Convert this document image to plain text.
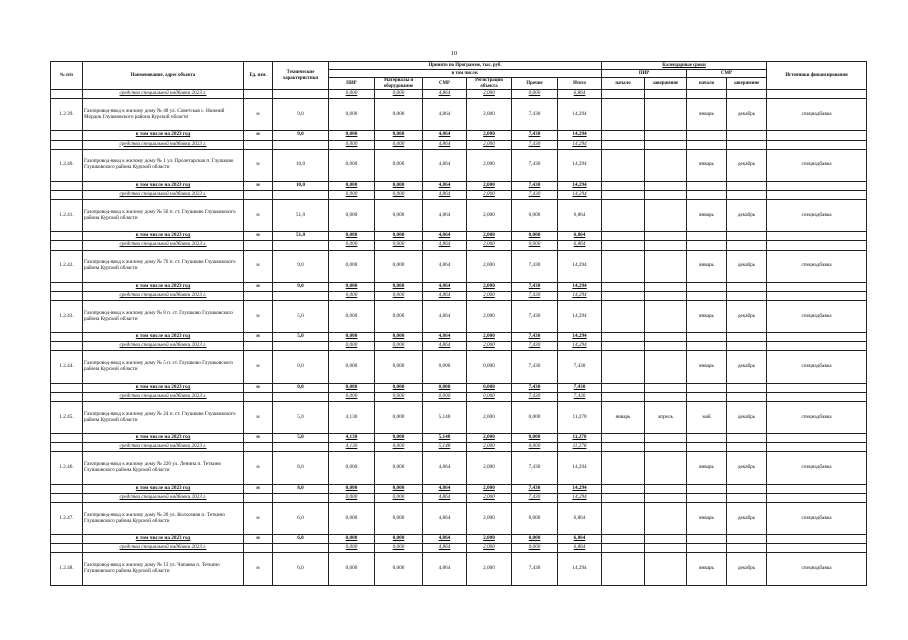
10
№ п/п	Наименование, адрес объекта	Ед. изм.	Технические характеристики	Принято по Программе, тыс. руб.						Календарные сроки				Источники финансирования
				в том числе:						ПИР		СМР		
				ПИР	Материалы и оборудование	СМР	Регистрация объекта	Прочие	Итого	начало	завершение	начало	завершение	
	средства специальной надбавки 2023 г.			0,000	0,000	4,864	2,000	0,000	6,864					
1.2.39.	Газопровод-ввод к жилому дому № 48 ул. Советская с. Нижний Мордок Глушковского района Курской области	м	9,0	0,000	0,000	4,864	2,000	7,430	14,294			январь	декабрь	спецнадбавка
	в том числе на 2023 год	м	9,0	0,000	0,000	4,864	2,000	7,430	14,294					
	средства специальной надбавки 2023 г.			0,000	0,000	4,864	2,000	7,430	14,294					
1.2.40.	Газопровод-ввод к жилому дому № 1 ул. Пролетарская п. Глушково Глушковского района Курской области	м	10,0	0,000	0,000	4,864	2,000	7,430	14,294			январь	декабрь	спецнадбавка
	в том числе на 2023 год	м	10,0	0,000	0,000	4,864	2,000	7,430	14,294					
	средства специальной надбавки 2023 г.			0,000	0,000	4,864	2,000	7,430	14,294					
1.2.41.	Газопровод-ввод к жилому дому № 56 п. ст. Глушково Глушковского района Курской области	м	51,0	0,000	0,000	4,864	2,000	0,000	6,864			январь	декабрь	спецнадбавка
	в том числе на 2023 год	м	51,0	0,000	0,000	4,864	2,000	0,000	6,864					
	средства специальной надбавки 2023 г.			0,000	0,000	4,864	2,000	0,000	6,864					
1.2.42.	Газопровод-ввод к жилому дому № 76 п. ст. Глушково Глушковского района Курской области	м	9,0	0,000	0,000	4,864	2,000	7,430	14,294			январь	декабрь	спецнадбавка
	в том числе на 2023 год	м	9,0	0,000	0,000	4,864	2,000	7,430	14,294					
	средства специальной надбавки 2023 г.			0,000	0,000	4,864	2,000	7,430	14,294					
1.2.43.	Газопровод-ввод к жилому дому № 8 п. ст. Глушково Глушковского района Курской области	м	5,0	0,000	0,000	4,864	2,000	7,430	14,294			январь	декабрь	спецнадбавка
	в том числе на 2023 год	м	5,0	0,000	0,000	4,864	2,000	7,430	14,294					
	средства специальной надбавки 2023 г.			0,000	0,000	4,864	2,000	7,430	14,294					
1.2.44.	Газопровод-ввод к жилому дому № 5 п. ст. Глушково Глушковского района Курской области	м	0,0	0,000	0,000	0,000	0,000	7,430	7,430			январь	декабрь	спецнадбавка
	в том числе на 2023 год	м	0,0	0,000	0,000	0,000	0,000	7,430	7,430					
	средства специальной надбавки 2023 г.			0,000	0,000	0,000	0,000	7,430	7,430					
1.2.45.	Газопровод-ввод к жилому дому № 24 п. ст. Глушково Глушковского района Курской области	м	5,0	4,130	0,000	5,148	2,000	0,000	11,278	январь	апрель	май	декабрь	спецнадбавка
	в том числе на 2023 год	м	5,0	4,130	0,000	5,148	2,000	0,000	11,278					
	средства специальной надбавки 2023 г.			4,130	0,000	5,148	2,000	0,000	11,278					
1.2.46.	Газопровод-ввод к жилому дому № 226 ул. Ленина п. Теткино Глушковского района Курской области	м	8,0	0,000	0,000	4,864	2,000	7,430	14,294			январь	декабрь	спецнадбавка
	в том числе на 2023 год	м	8,0	0,000	0,000	4,864	2,000	7,430	14,294					
	средства специальной надбавки 2023 г.			0,000	0,000	4,864	2,000	7,430	14,294					
1.2.47.	Газопровод-ввод к жилому дому № 20 ул. Колхозная п. Теткино Глушковского района Курской области	м	6,0	0,000	0,000	4,864	2,000	0,000	6,864			январь	декабрь	спецнадбавка
	в том числе на 2023 год	м	6,0	0,000	0,000	4,864	2,000	0,000	6,864					
	средства специальной надбавки 2023 г.			0,000	0,000	4,864	2,000	0,000	6,864					
1.2.48.	Газопровод-ввод к жилому дому № 13 ул. Чапаева п. Теткино Глушковского района Курской области	м	6,0	0,000	0,000	4,864	2,000	7,430	14,294			январь	декабрь	спецнадбавка
